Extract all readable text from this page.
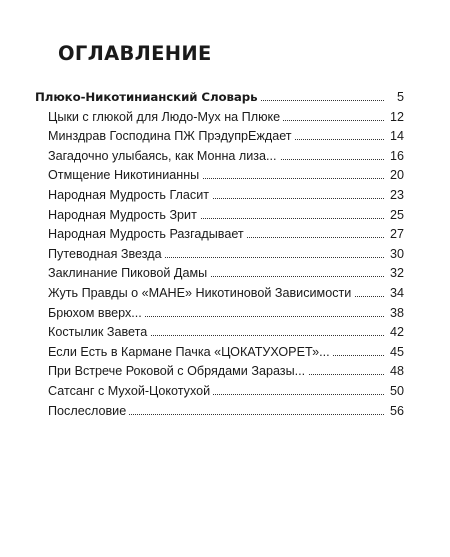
ОГЛАВЛЕНИЕ
Плюко-Никотинианский Словарь	5
Цыки с глюкой для Людо-Мух на Плюке	12
Минздрав Господина ПЖ ПрэдупрЕждает	14
Загадочно улыбаясь, как Монна лиза...	16
Отмщение Никотинианны	20
Народная Мудрость Гласит	23
Народная Мудрость Зрит	25
Народная Мудрость Разгадывает	27
Путеводная Звезда	30
Заклинание Пиковой Дамы	32
Жуть Правды о «МАНЕ» Никотиновой Зависимости	34
Брюхом вверх...	38
Костылик Завета	42
Если Есть в Кармане Пачка «ЦОКАТУХОРЕТ»...	45
При Встрече Роковой с Обрядами Заразы...	48
Сатсанг с Мухой-Цокотухой	50
Послесловие	56
